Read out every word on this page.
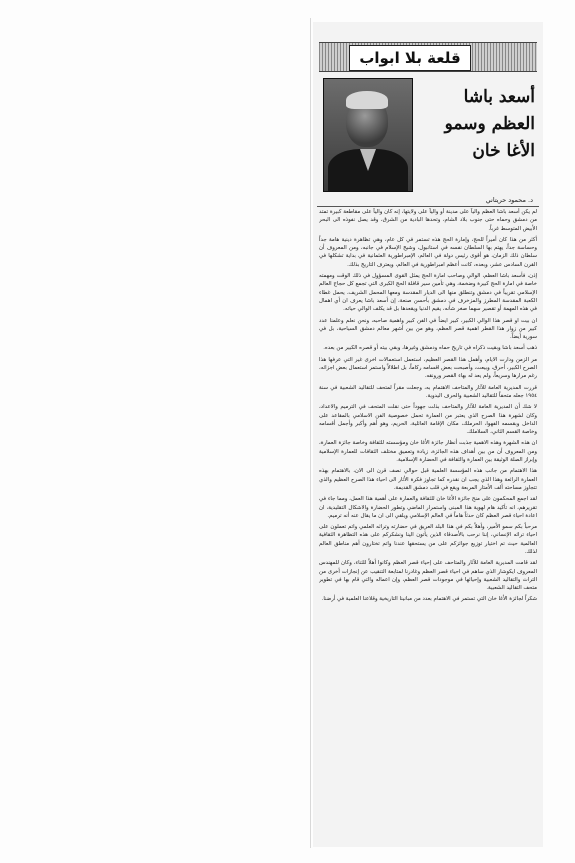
قلعة بلا ابواب
أسعد باشا
العظم وسمو
الأغا خان
د. محمود حريتاني

لم يكن أسعد باشا العظم والياً على مدينة أو والياً على ولايتها، إنه كان والياً على مقاطعة كبيرة تمتد من دمشق وحماه حتى جنوب بلاد الشام، وتحدها البادية من الشرق، وقد يصل نفوذه الى البحر الأبيض المتوسط غرباً.

أكثر من هذا كان أميراً للحج، وإمارة الحج هذه تستمر في كل عام، وهي تظاهرة دينية هامة جداً وحساسة جداً، يهتم بها السلطان نفسه في استانبول، وشيخ الإسلام في جانبه، ومن المعروف أن سلطان ذلك الزمان، هو أقوى رئيس دولة في العالم، الإمبراطورية العثمانية في بداية تشكلها في القرن السادس عشر، وبعده، كانت أعظم امبراطورية في العالم، ويعترف التاريخ بذلك.

إذن، فأسعد باشا العظم، الوالي وصاحب امارة الحج يمثل القوى المسؤول في ذلك الوقت ومهمته خاصة في امارة الحج كبيرة وضخمة، وهي تأمين سير قافلة الحج الكبرى التي تجمع كل حجاج العالم الإسلامي تقريباً في دمشق وتنطلق منها الى الديار المقدسة ومعها المحمل الشريف، يحمل غطاء الكعبة المقدسة المطرز والمزخرف في دمشق بأحسن صنعة، إن أسعد باشا يعرف ان أي اهمال في هذه المهمة أو تقصير سهما صغر شأنه، يقيم الدنيا ويقعدها بل قد يكلف الوالي حياته.

ان بيت او قصر هذا الوالي الكبير، كبير ايضاً في الفن كبير واهمية صاحبه، ونحن نعلم وعلمنا عدد كبير من زوار هذا القطر اهمية قصر العظم، وهو من بين أشهر معالم دمشق السياحية، بل في سورية أيضاً.

ذهب أسعد باشا وبقيت ذكراه في تاريخ حماه ودمشق وغيرها، وبقي بيته أو قصره الكبير من بعده.

مر الزمن ودارت الايام، وأهمل هذا القصر العظيم، استعمل استعمالات اخرى غير التي عرفها هذا الصرح الكبير، أحرق، وبيعت، وأصبحت بعض اقسامه ركاماً، بل اطلالاً واستمر استعمال بعض اجزائه، رغم مرارها وسريعاً، ولم يعد له بهاء القصر ورونقه.

قررت المديرية العامة للآثار والمتاحف الاهتمام به، وجعلت مقراً لمتحف للتقاليد الشعبية في سنة ١٩٥٤ جعله متحفاً للتقاليد الشعبية والحرف اليدوية.

لا شك أن المديرية العامة للآثار والمتاحف بذلت جهوداً حتى نقلت المتحف في الترميم والاعداد، وكان لشهرة هذا الصرح الذي يعتبر من العمارة تحمل خصوصية الفن الاسلامي بالمقاعد على الداخل وبقسمه الفهوا، الحرملك، مكان الإقامة العائلية، الحريم، وهو أهم وأكبر وأجمل أقسامه وخاصة القسم الثاني، السلاملك.

ان هذه الشهرة وهذه الاهمية جذبت أنظار جائزة الأغا خان ومؤسسته للثقافة وخاصة جائزة العمارة، ومن المعروف أن من بين أهداف هذه الجائزة، زيادة وتعميق مختلف الثقافات للعمارة الإسلامية وإبراز الصلة الوثيقة بين العمارة والثقافة في الحضارة الإسلامية.

هذا الاهتمام من جانب هذه المؤسسة العلمية قبل حوالي نصف قرن الى الان، بالاهتمام بهذه العمارة الرائعة وهذا الذي يجب ان نقدره كما تجاوز فكرة الأثار الى احياء هذا الصرح العظيم والذي تتجاوز مساحته ألف الأمتار المربعة ويقع في قلب دمشق القديمة.

لقد اجمع المحكمون على منح جائزة الأغا خان للثقافة والعمارة على أهمية هذا العمل، ومما جاء في تقريرهم، انه تأكيد هام لهوية هذا المبنى واستمرار الماضي وتطور الحضارة والاشكال التقليدية، ان اعادة احياء قصر العظم كان حدثاً هاماً في العالم الإسلامي ويلقي الى ان ما يقال عنه أنه ترميم.

مرحباً بكم سمو الأمير، وأهلاً بكم في هذا البلد العريق في حضارته وتراثه العلمي واتم تعملون على احياء تراثه الإنساني، إننا نرحب بالأصدقاء الذين يأتون الينا ونشكركم على هذه التظاهرة الثقافية العالمية حيث تم اختيار توزيع جوائزكم على من يستحقها عندنا واتم تختارون أهم مناطق العالم لذلك.

لقد قامت المديرية العامة للآثار والمتاحف على إحياء قصر العظم وكانوا أهلاً للثناء، وكان للمهندس المعروف ايكوشار الذي ساهم في احياء قصر العظم وغادرنا لمتابعة التنقيب عن إنجازات أخرى من التراث والتقاليد الشعبية وإحيائها في موجودات قصر العظم، وإن اعماله والتي قام بها في تطوير متحف التقاليد الشعبية.

شكراً لجائزة الأغا خان التي تستمر في الاهتمام بعدد من مبانينا التاريخية وقلاعنا العلمية في أرضنا.
